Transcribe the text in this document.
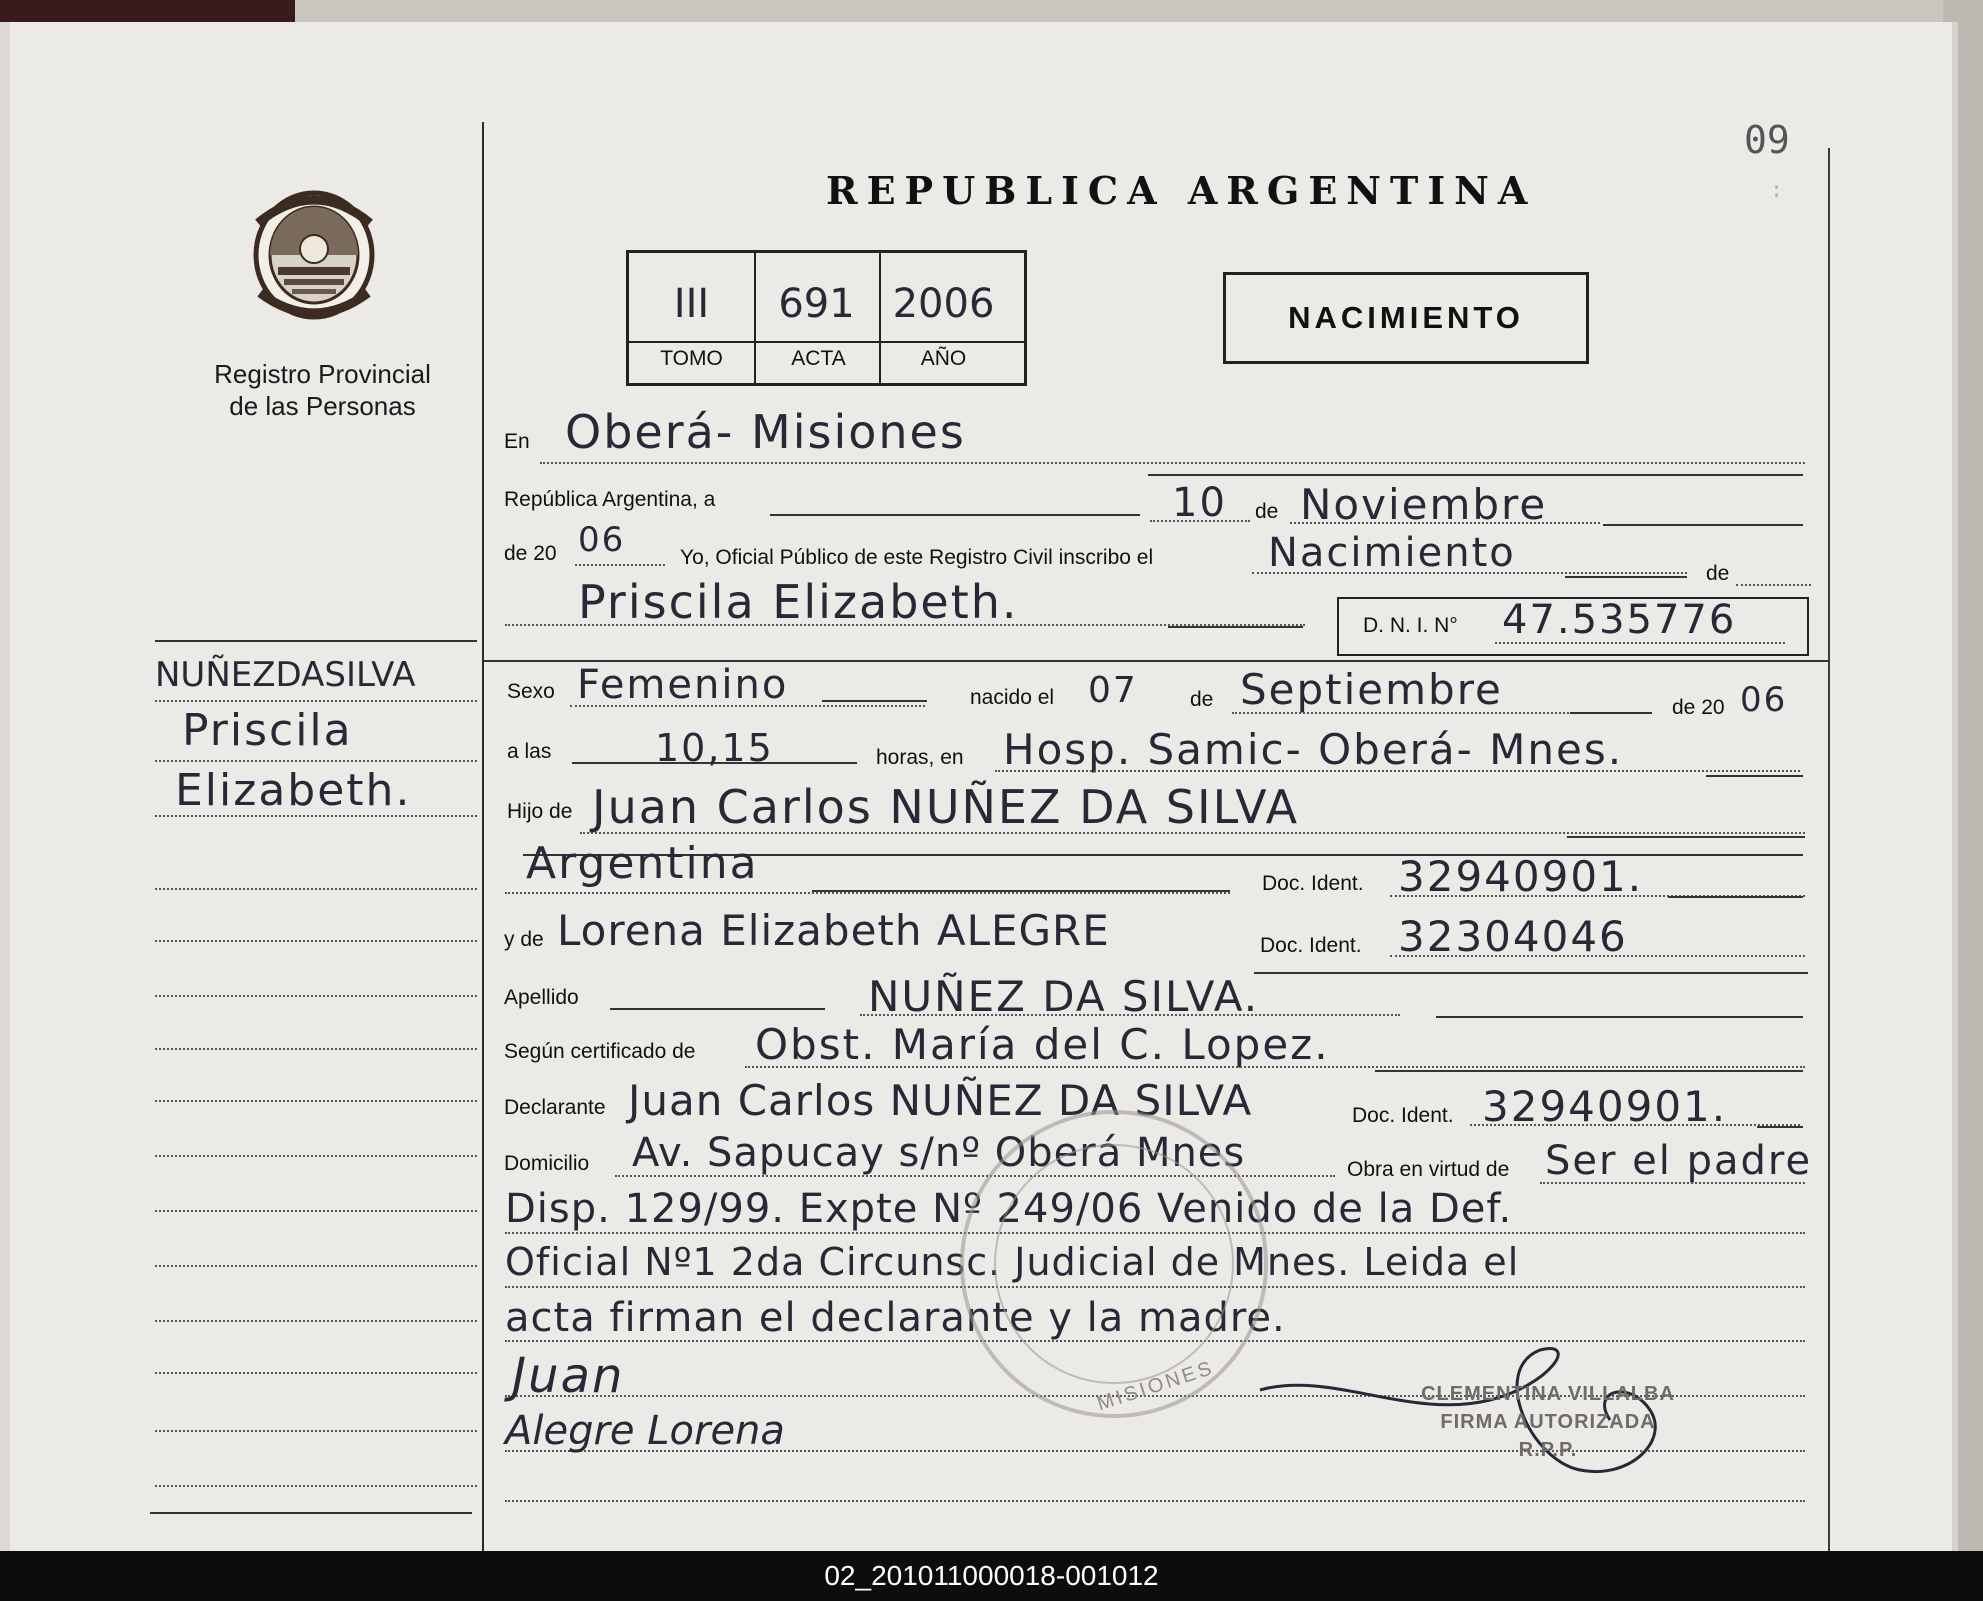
09
:
REPUBLICA ARGENTINA
Registro Provincial
de las Personas
III	691 2006
TOMO	ACTA	AÑO
NACIMIENTO
NUÑEZDASILVA
Priscila
Elizabeth.
En Oberá- Misiones
República Argentina, a	10 de Noviembre
de 20 06	Yo, Oficial Público de este Registro Civil inscribo el	Nacimiento	de
Priscila Elizabeth.	D. N. I. N° 47.535776
Sexo Femenino	nacido el 07 de Septiembre	de 20 06
a las	10,15	horas, en Hosp. Samic- Oberá- Mnes.
Hijo de Juan Carlos NUÑEZ DA SILVA
Argentina	Doc. Ident. 32940901.
y de Lorena Elizabeth ALEGRE	Doc. Ident. 32304046
Apellido	NUÑEZ DA SILVA.
Según certificado de Obst. María del C. Lopez.
Declarante Juan Carlos NUÑEZ DA SILVA	Doc. Ident. 32940901.
Domicilio Av. Sapucay s/nº Oberá Mnes	Obra en virtud de Ser el padre
Disp. 129/99. Expte Nº 249/06 Venido de la Def.
Oficial Nº1 2da Circunsc. Judicial de Mnes. Leida el
acta firman el declarante y la madre.
MISIONES
Juan
Alegre Lorena
CLEMENTINA VILLALBA
FIRMA AUTORIZADA
R.P.P.
02_201011000018-001012
